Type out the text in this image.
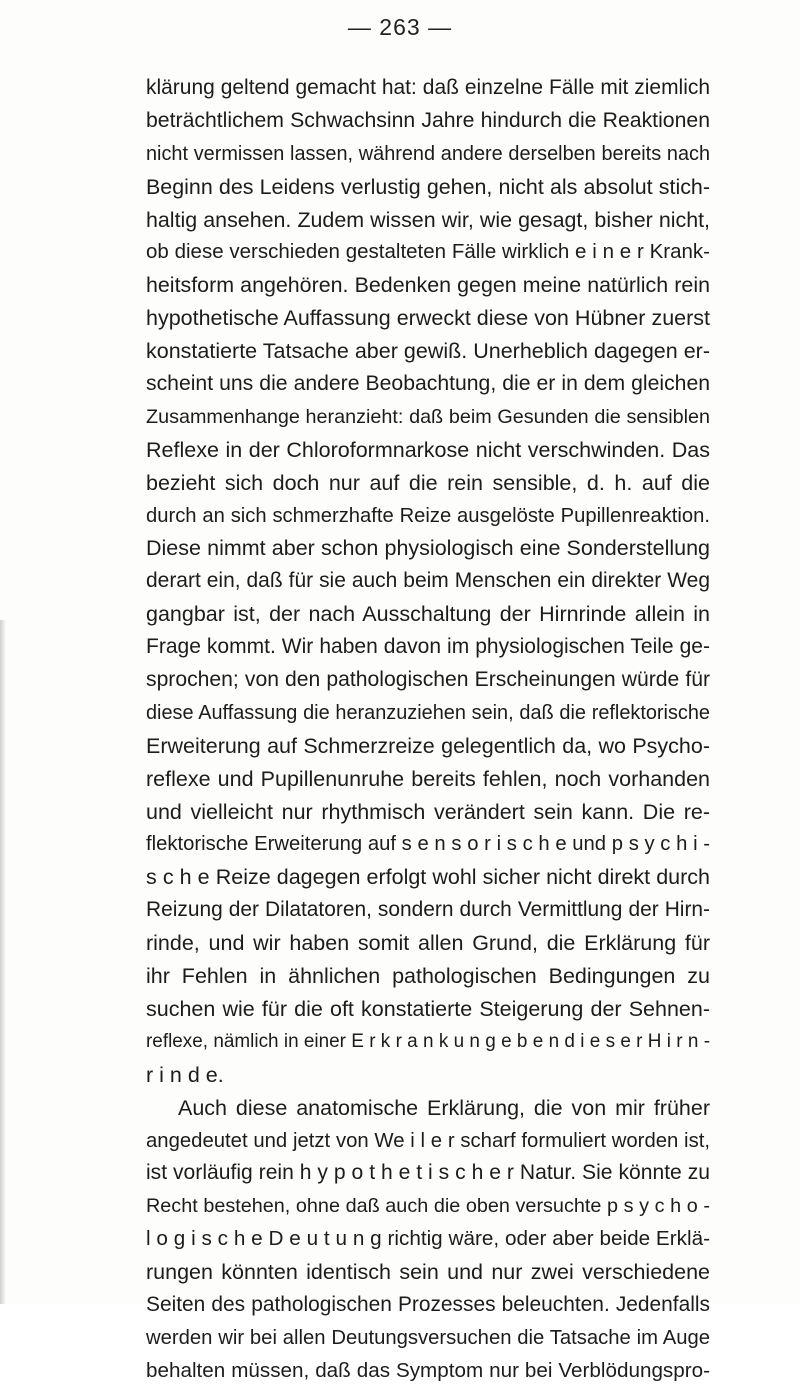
— 263 —
klärung geltend gemacht hat: daß einzelne Fälle mit ziemlich
beträchtlichem Schwachsinn Jahre hindurch die Reaktionen
nicht vermissen lassen, während andere derselben bereits nach
Beginn des Leidens verlustig gehen, nicht als absolut stich-
haltig ansehen. Zudem wissen wir, wie gesagt, bisher nicht,
ob diese verschieden gestalteten Fälle wirklich e i n e r Krank-
heitsform angehören. Bedenken gegen meine natürlich rein
hypothetische Auffassung erweckt diese von Hübner zuerst
konstatierte Tatsache aber gewiß. Unerheblich dagegen er-
scheint uns die andere Beobachtung, die er in dem gleichen
Zusammenhange heranzieht: daß beim Gesunden die sensiblen
Reflexe in der Chloroformnarkose nicht verschwinden. Das
bezieht sich doch nur auf die rein sensible, d. h. auf die
durch an sich schmerzhafte Reize ausgelöste Pupillenreaktion.
Diese nimmt aber schon physiologisch eine Sonderstellung
derart ein, daß für sie auch beim Menschen ein direkter Weg
gangbar ist, der nach Ausschaltung der Hirnrinde allein in
Frage kommt. Wir haben davon im physiologischen Teile ge-
sprochen; von den pathologischen Erscheinungen würde für
diese Auffassung die heranzuziehen sein, daß die reflektorische
Erweiterung auf Schmerzreize gelegentlich da, wo Psycho-
reflexe und Pupillenunruhe bereits fehlen, noch vorhanden
und vielleicht nur rhythmisch verändert sein kann. Die re-
flektorische Erweiterung auf s e n s o r i s c h e und p s y c h i -
s c h e Reize dagegen erfolgt wohl sicher nicht direkt durch
Reizung der Dilatatoren, sondern durch Vermittlung der Hirn-
rinde, und wir haben somit allen Grund, die Erklärung für
ihr Fehlen in ähnlichen pathologischen Bedingungen zu
suchen wie für die oft konstatierte Steigerung der Sehnen-
reflexe, nämlich in einer E r k r a n k u n g e b e n d i e s e r H i r n -
r i n d e.
Auch diese anatomische Erklärung, die von mir früher
angedeutet und jetzt von We i l e r scharf formuliert worden ist,
ist vorläufig rein h y p o t h e t i s c h e r Natur. Sie könnte zu
Recht bestehen, ohne daß auch die oben versuchte p s y c h o -
l o g i s c h e D e u t u n g richtig wäre, oder aber beide Erklä-
rungen könnten identisch sein und nur zwei verschiedene
Seiten des pathologischen Prozesses beleuchten. Jedenfalls
werden wir bei allen Deutungsversuchen die Tatsache im Auge
behalten müssen, daß das Symptom nur bei Verblödungspro-
